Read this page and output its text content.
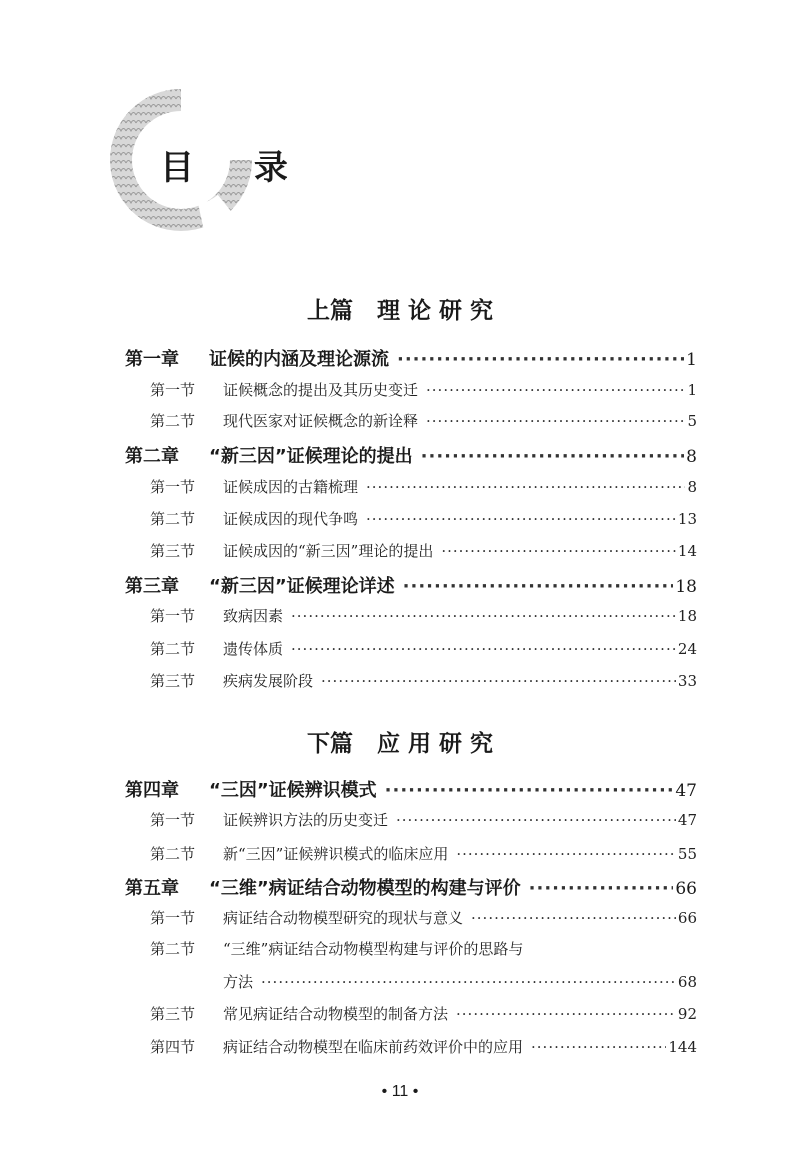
目 录
上篇   理 论 研 究
下篇   应 用 研 究
第一章	证候的内涵及理论源流 ·····	1
第一节	证候概念的提出及其历史变迁 ·····	1
第二节	现代医家对证候概念的新诠释 ·····	5
第二章	“新三因”证候理论的提出 ·····	8
第一节	证候成因的古籍梳理 ·····	8
第二节	证候成因的现代争鸣 ·····	13
第三节	证候成因的“新三因”理论的提出 ·····	14
第三章	“新三因”证候理论详述 ·····	18
第一节	致病因素 ·····	18
第二节	遗传体质 ·····	24
第三节	疾病发展阶段 ·····	33
第四章	“三因”证候辨识模式 ·····	47
第一节	证候辨识方法的历史变迁 ·····	47
第二节	新“三因”证候辨识模式的临床应用 ·····	55
第五章	“三维”病证结合动物模型的构建与评价 ·····	66
第一节	病证结合动物模型研究的现状与意义 ·····	66
第二节	“三维”病证结合动物模型构建与评价的思路与
方法 ·····	68
第三节	常见病证结合动物模型的制备方法 ·····	92
第四节	病证结合动物模型在临床前药效评价中的应用 ·····	144
• 11 •
